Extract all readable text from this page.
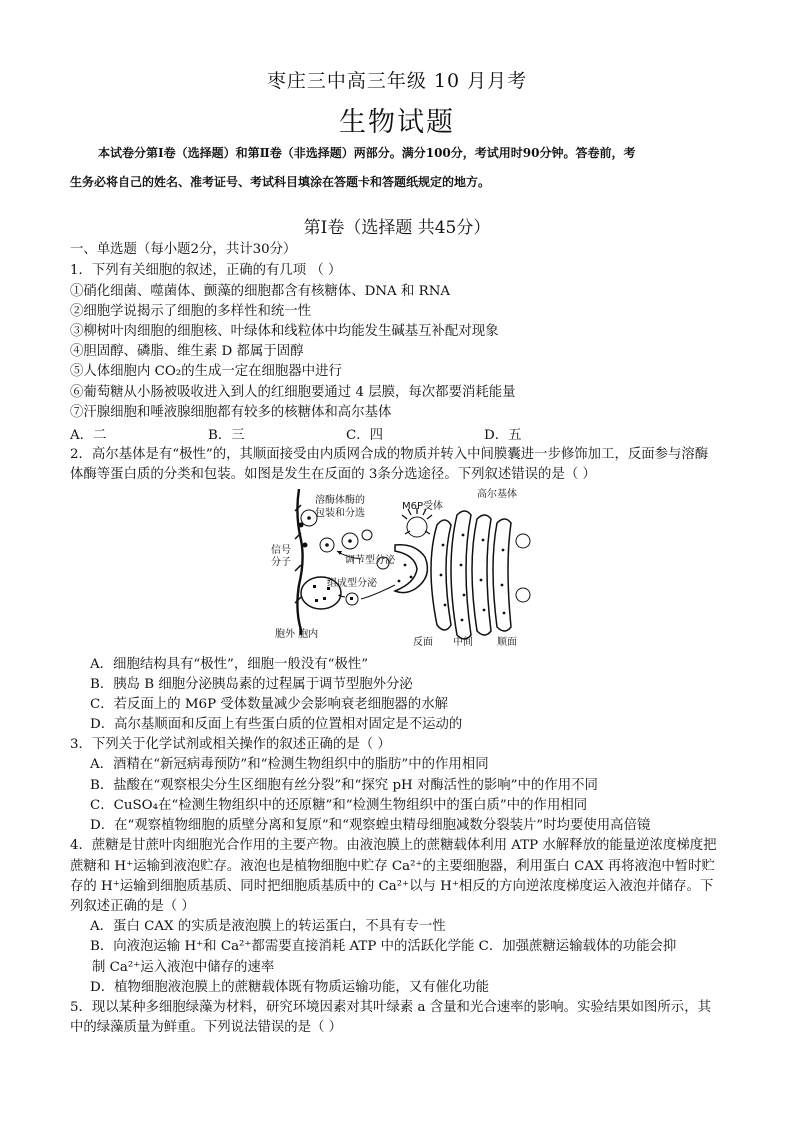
枣庄三中高三年级 10 月月考
生物试题
本试卷分第Ⅰ卷（选择题）和第Ⅱ卷（非选择题）两部分。满分100分，考试用时90分钟。答卷前，考
生务必将自己的姓名、准考证号、考试科目填涂在答题卡和答题纸规定的地方。
第Ⅰ卷（选择题 共45分）
一、单选题（每小题2分，共计30分）
1．下列有关细胞的叙述，正确的有几项 （ ）
①硝化细菌、噬菌体、颤藻的细胞都含有核糖体、DNA 和 RNA
②细胞学说揭示了细胞的多样性和统一性
③柳树叶肉细胞的细胞核、叶绿体和线粒体中均能发生碱基互补配对现象
④胆固醇、磷脂、维生素 D 都属于固醇
⑤人体细胞内 CO₂的生成一定在细胞器中进行
⑥葡萄糖从小肠被吸收进入到人的红细胞要通过 4 层膜，每次都要消耗能量
⑦汗腺细胞和唾液腺细胞都有较多的核糖体和高尔基体
A．二	B．三	C．四	D．五
2．高尔基体是有“极性”的，其顺面接受由内质网合成的物质并转入中间膜囊进一步修饰加工，反面参与溶酶
体酶等蛋白质的分类和包装。如图是发生在反面的 3条分选途径。下列叙述错误的是（ ）
溶酶体酶的
包装和分选
M6P受体
高尔基体
信号
分子	调节型分泌
组成型分泌
胞外 胞内
反面 中间 顺面
A．细胞结构具有“极性”，细胞一般没有“极性”
B．胰岛 B 细胞分泌胰岛素的过程属于调节型胞外分泌
C．若反面上的 M6P 受体数量减少会影响衰老细胞器的水解
D．高尔基顺面和反面上有些蛋白质的位置相对固定是不运动的
3．下列关于化学试剂或相关操作的叙述正确的是（ ）
A．酒精在“新冠病毒预防”和“检测生物组织中的脂肪”中的作用相同
B．盐酸在“观察根尖分生区细胞有丝分裂”和“探究 pH 对酶活性的影响”中的作用不同
C．CuSO₄在“检测生物组织中的还原糖”和“检测生物组织中的蛋白质”中的作用相同
D．在“观察植物细胞的质壁分离和复原”和“观察蝗虫精母细胞减数分裂装片”时均要使用高倍镜
4．蔗糖是甘蔗叶肉细胞光合作用的主要产物。由液泡膜上的蔗糖载体利用 ATP 水解释放的能量逆浓度梯度把
蔗糖和 H⁺运输到液泡贮存。液泡也是植物细胞中贮存 Ca²⁺的主要细胞器，利用蛋白 CAX 再将液泡中暂时贮
存的 H⁺运输到细胞质基质、同时把细胞质基质中的 Ca²⁺以与 H⁺相反的方向逆浓度梯度运入液泡并储存。下
列叙述正确的是（ ）
A．蛋白 CAX 的实质是液泡膜上的转运蛋白，不具有专一性
B．向液泡运输 H⁺和 Ca²⁺都需要直接消耗 ATP 中的活跃化学能 C．加强蔗糖运输载体的功能会抑
制 Ca²⁺运入液泡中储存的速率
D．植物细胞液泡膜上的蔗糖载体既有物质运输功能，又有催化功能
5．现以某种多细胞绿藻为材料，研究环境因素对其叶绿素 a 含量和光合速率的影响。实验结果如图所示，其
中的绿藻质量为鲜重。下列说法错误的是（ ）
